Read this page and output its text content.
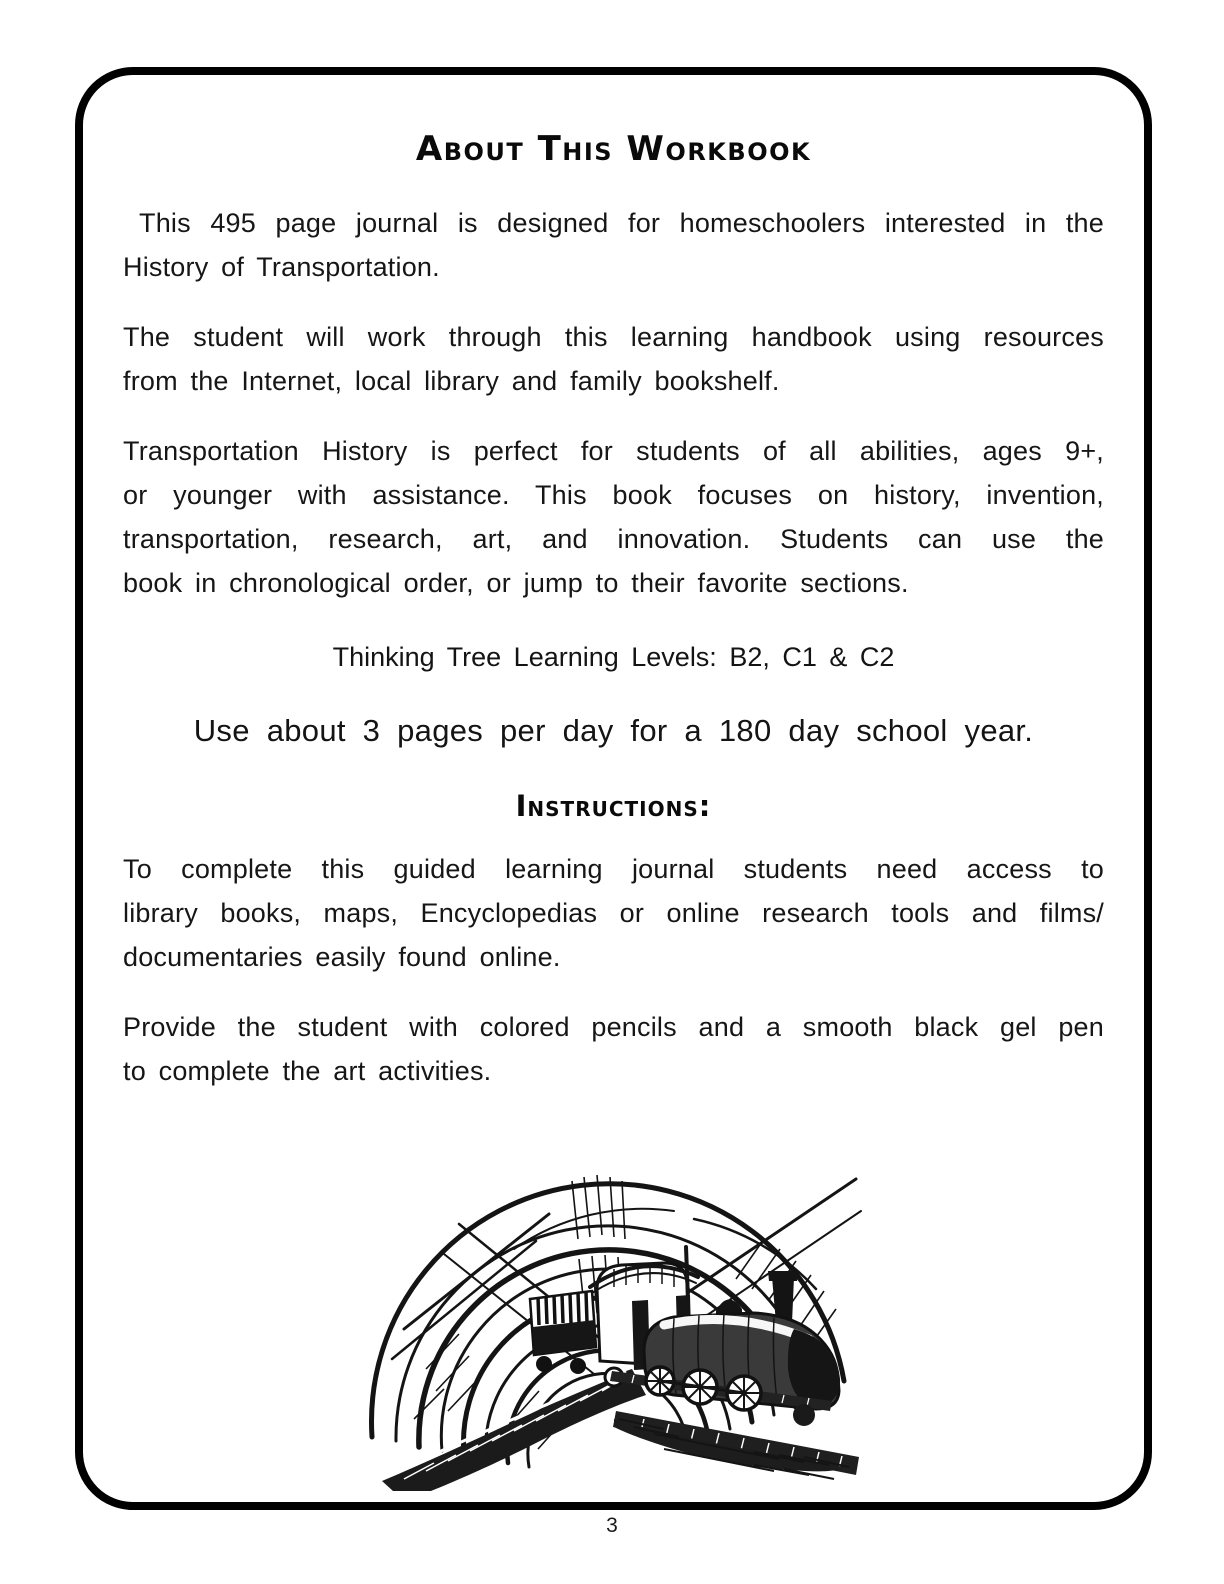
About This Workbook
This 495 page journal is designed for homeschoolers interested in the
History of Transportation.
The student will work through this learning handbook using resources
from the Internet, local library and family bookshelf.
Transportation History is perfect for students of all abilities, ages 9+,
or younger with assistance. This book focuses on history, invention,
transportation, research, art, and innovation. Students can use the
book in chronological order, or jump to their favorite sections.
Thinking Tree Learning Levels: B2, C1 & C2
Use about 3 pages per day for a 180 day school year.
Instructions:
To complete this guided learning journal students need access to
library books, maps, Encyclopedias or online research tools and films/
documentaries easily found online.
Provide the student with colored pencils and a smooth black gel pen
to complete the art activities.
3
